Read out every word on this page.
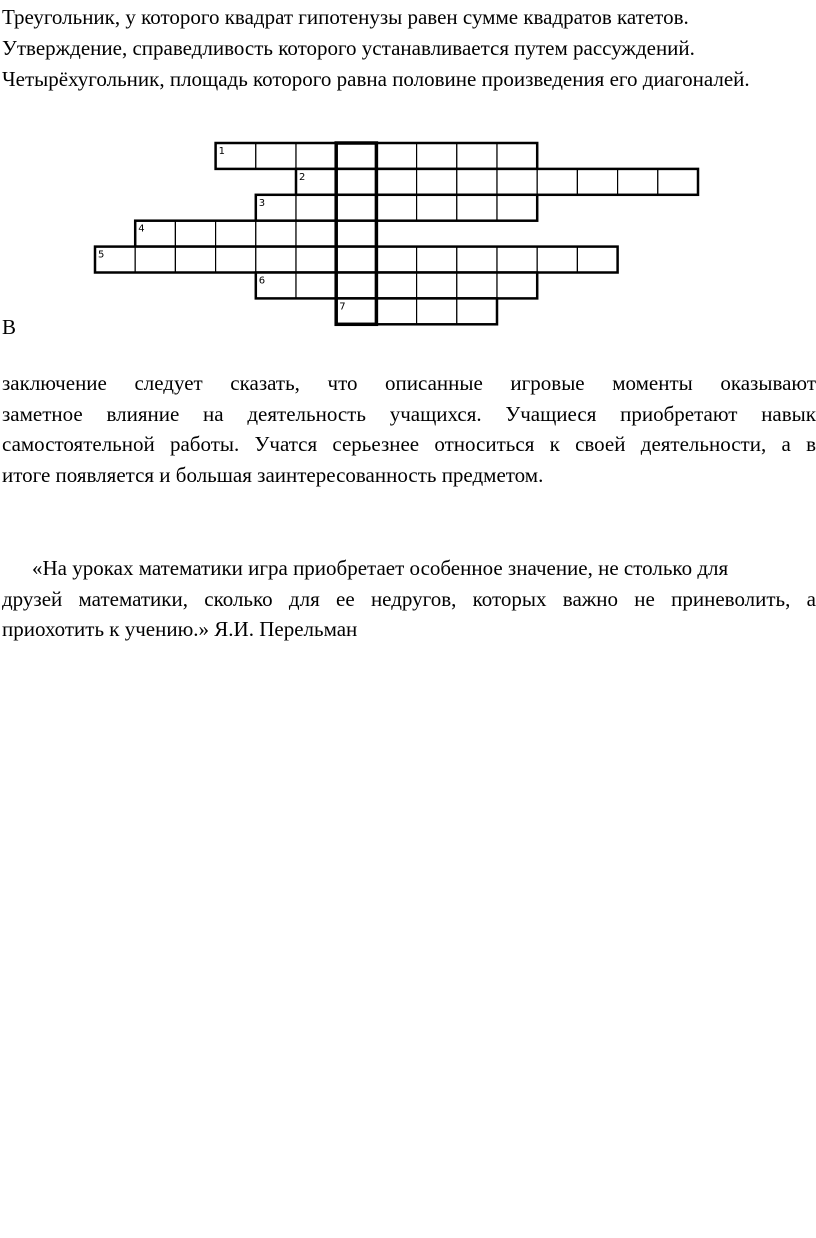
Треугольник, у которого квадрат гипотенузы равен сумме квадратов катетов.
Утверждение, справедливость которого устанавливается путем рассуждений.
Четырёхугольник, площадь которого равна половине произведения его диагоналей.
1
2
3
4
5
6
7
В
заключение следует сказать, что описанные игровые моменты оказывают
заметное влияние на деятельность учащихся. Учащиеся приобретают навык
самостоятельной работы. Учатся серьезнее относиться к своей деятельности, а в
итоге появляется и большая заинтересованность предметом.
«На уроках математики игра приобретает особенное значение, не столько для
друзей математики, сколько для ее недругов, которых важно не приневолить, а
приохотить к учению.» Я.И. Перельман
